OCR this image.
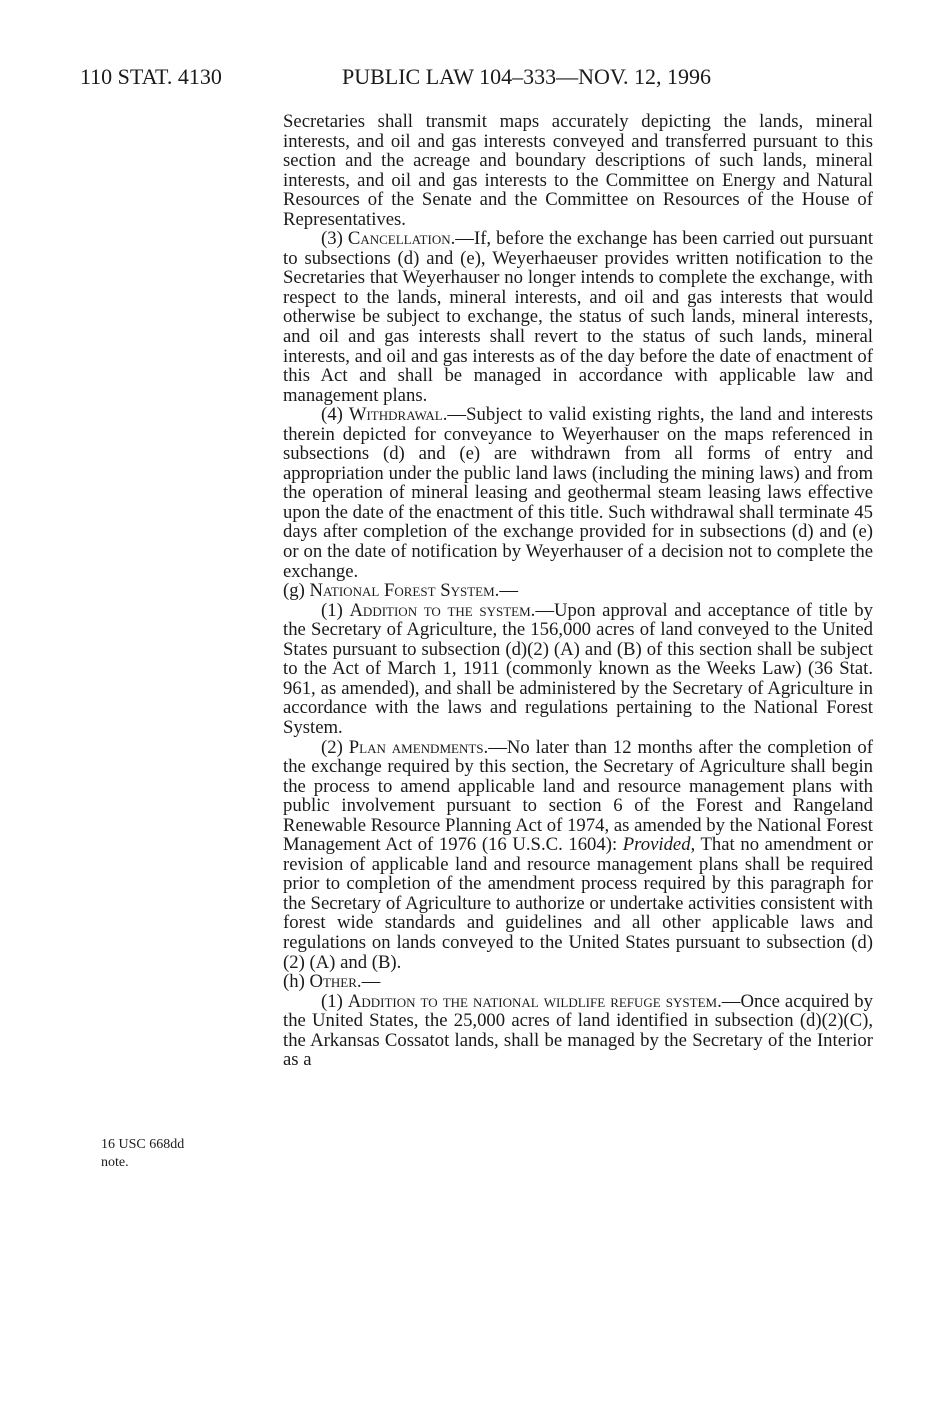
110 STAT. 4130	PUBLIC LAW 104–333—NOV. 12, 1996
16 USC 668dd
note.

Secretaries shall transmit maps accurately depicting the lands, mineral interests, and oil and gas interests conveyed and transferred pursuant to this section and the acreage and boundary descriptions of such lands, mineral interests, and oil and gas interests to the Committee on Energy and Natural Resources of the Senate and the Committee on Resources of the House of Representatives.

(3) Cancellation.—If, before the exchange has been carried out pursuant to subsections (d) and (e), Weyerhaeuser provides written notification to the Secretaries that Weyerhauser no longer intends to complete the exchange, with respect to the lands, mineral interests, and oil and gas interests that would otherwise be subject to exchange, the status of such lands, mineral interests, and oil and gas interests shall revert to the status of such lands, mineral interests, and oil and gas interests as of the day before the date of enactment of this Act and shall be managed in accordance with applicable law and management plans.

(4) Withdrawal.—Subject to valid existing rights, the land and interests therein depicted for conveyance to Weyerhauser on the maps referenced in subsections (d) and (e) are withdrawn from all forms of entry and appropriation under the public land laws (including the mining laws) and from the operation of mineral leasing and geothermal steam leasing laws effective upon the date of the enactment of this title. Such withdrawal shall terminate 45 days after completion of the exchange provided for in subsections (d) and (e) or on the date of notification by Weyerhauser of a decision not to complete the exchange.

(g) National Forest System.—

(1) Addition to the system.—Upon approval and acceptance of title by the Secretary of Agriculture, the 156,000 acres of land conveyed to the United States pursuant to subsection (d)(2) (A) and (B) of this section shall be subject to the Act of March 1, 1911 (commonly known as the Weeks Law) (36 Stat. 961, as amended), and shall be administered by the Secretary of Agriculture in accordance with the laws and regulations pertaining to the National Forest System.

(2) Plan amendments.—No later than 12 months after the completion of the exchange required by this section, the Secretary of Agriculture shall begin the process to amend applicable land and resource management plans with public involvement pursuant to section 6 of the Forest and Rangeland Renewable Resource Planning Act of 1974, as amended by the National Forest Management Act of 1976 (16 U.S.C. 1604): Provided, That no amendment or revision of applicable land and resource management plans shall be required prior to completion of the amendment process required by this paragraph for the Secretary of Agriculture to authorize or undertake activities consistent with forest wide standards and guidelines and all other applicable laws and regulations on lands conveyed to the United States pursuant to subsection (d)(2) (A) and (B).

(h) Other.—

(1) Addition to the national wildlife refuge system.—Once acquired by the United States, the 25,000 acres of land identified in subsection (d)(2)(C), the Arkansas Cossatot lands, shall be managed by the Secretary of the Interior as a
